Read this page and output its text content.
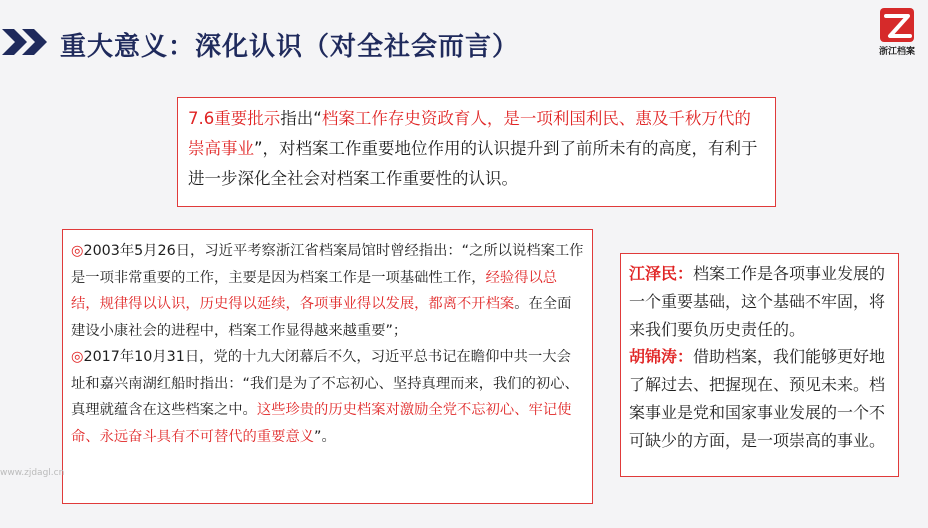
重大意义：深化认识（对全社会而言）	浙江档案

7.6重要批示指出“档案工作存史资政育人，是一项利国利民、惠及千秋万代的崇高事业”，对档案工作重要地位作用的认识提升到了前所未有的高度，有利于进一步深化全社会对档案工作重要性的认识。

◎2003年5月26日，习近平考察浙江省档案局馆时曾经指出：“之所以说档案工作是一项非常重要的工作，主要是因为档案工作是一项基础性工作，经验得以总结，规律得以认识，历史得以延续，各项事业得以发展，都离不开档案。在全面建设小康社会的进程中，档案工作显得越来越重要”；

◎2017年10月31日，党的十九大闭幕后不久，习近平总书记在瞻仰中共一大会址和嘉兴南湖红船时指出：“我们是为了不忘初心、坚持真理而来，我们的初心、真理就蕴含在这些档案之中。这些珍贵的历史档案对激励全党不忘初心、牢记使命、永远奋斗具有不可替代的重要意义”。

江泽民：档案工作是各项事业发展的一个重要基础，这个基础不牢固，将来我们要负历史责任的。
胡锦涛：借助档案，我们能够更好地了解过去、把握现在、预见未来。档案事业是党和国家事业发展的一个不可缺少的方面，是一项崇高的事业。

www.zjdagl.cn
